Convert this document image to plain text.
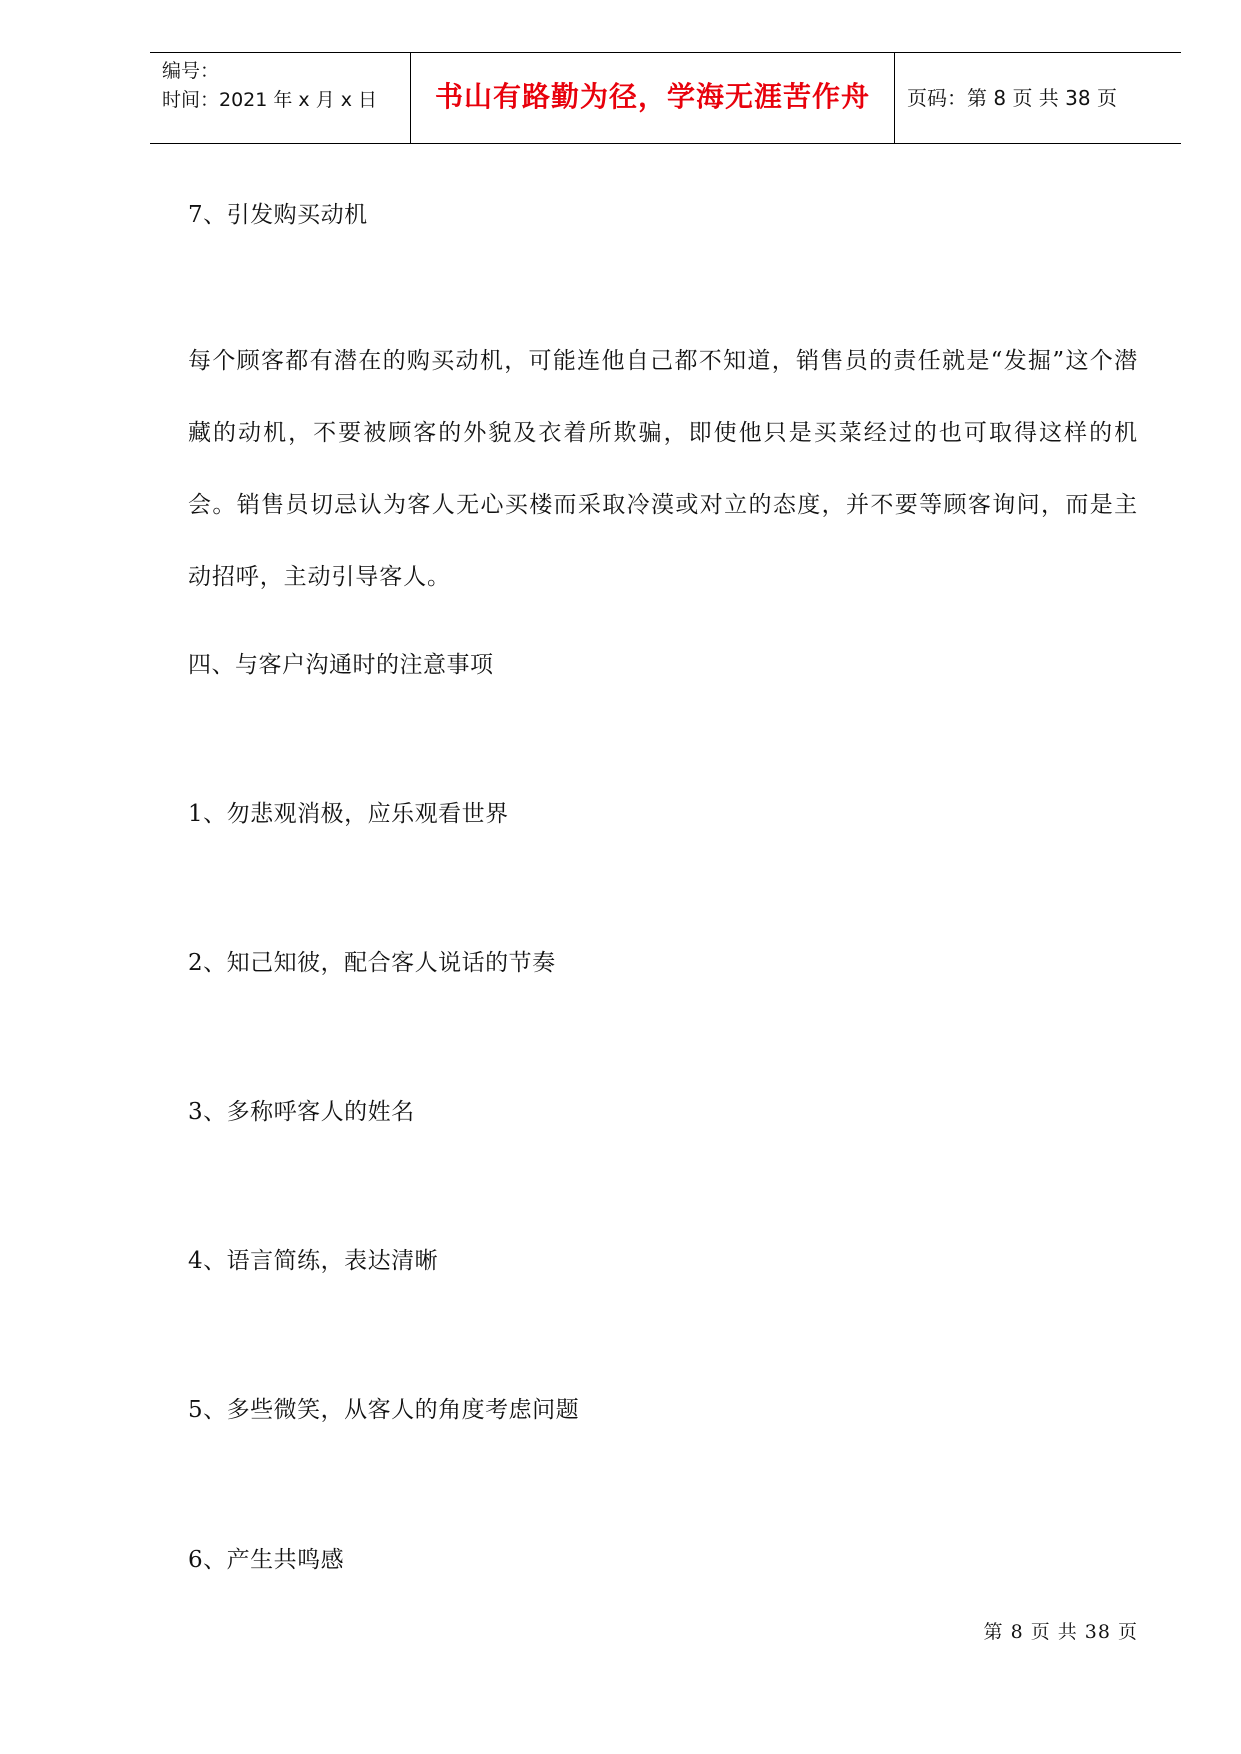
编号：
时间：2021 年 x 月 x 日	书山有路勤为径，学海无涯苦作舟	页码：第 8 页 共 38 页
7、引发购买动机
每个顾客都有潜在的购买动机，可能连他自己都不知道，销售员的责任就是“发掘”这个潜藏的动机，不要被顾客的外貌及衣着所欺骗，即使他只是买菜经过的也可取得这样的机会。销售员切忌认为客人无心买楼而采取冷漠或对立的态度，并不要等顾客询问，而是主动招呼，主动引导客人。
四、与客户沟通时的注意事项
1、勿悲观消极，应乐观看世界
2、知己知彼，配合客人说话的节奏
3、多称呼客人的姓名
4、语言简练，表达清晰
5、多些微笑，从客人的角度考虑问题
6、产生共鸣感
第 8 页 共 38 页
